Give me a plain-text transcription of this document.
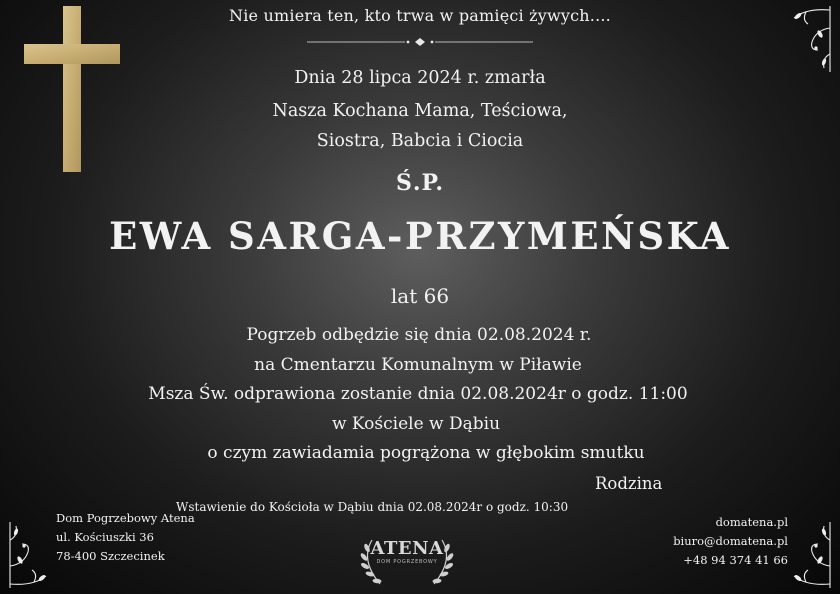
Nie umiera ten, kto trwa w pamięci żywych....
Dnia 28 lipca 2024 r. zmarła
Nasza Kochana Mama, Teściowa,
Siostra, Babcia i Ciocia
Ś.P.
EWA SARGA-PRZYMEŃSKA
lat 66
Pogrzeb odbędzie się dnia 02.08.2024 r.
na Cmentarzu Komunalnym w Piławie
Msza Św. odprawiona zostanie dnia 02.08.2024r o godz. 11:00
w Kościele w Dąbiu
o czym zawiadamia pogrążona w głębokim smutku
Rodzina
Wstawienie do Kościoła w Dąbiu dnia 02.08.2024r o godz. 10:30
Dom Pogrzebowy Atena
ul. Kościuszki 36
78-400 Szczecinek
domatena.pl
biuro@domatena.pl
+48 94 374 41 66
ATENA
DOM POGRZEBOWY
